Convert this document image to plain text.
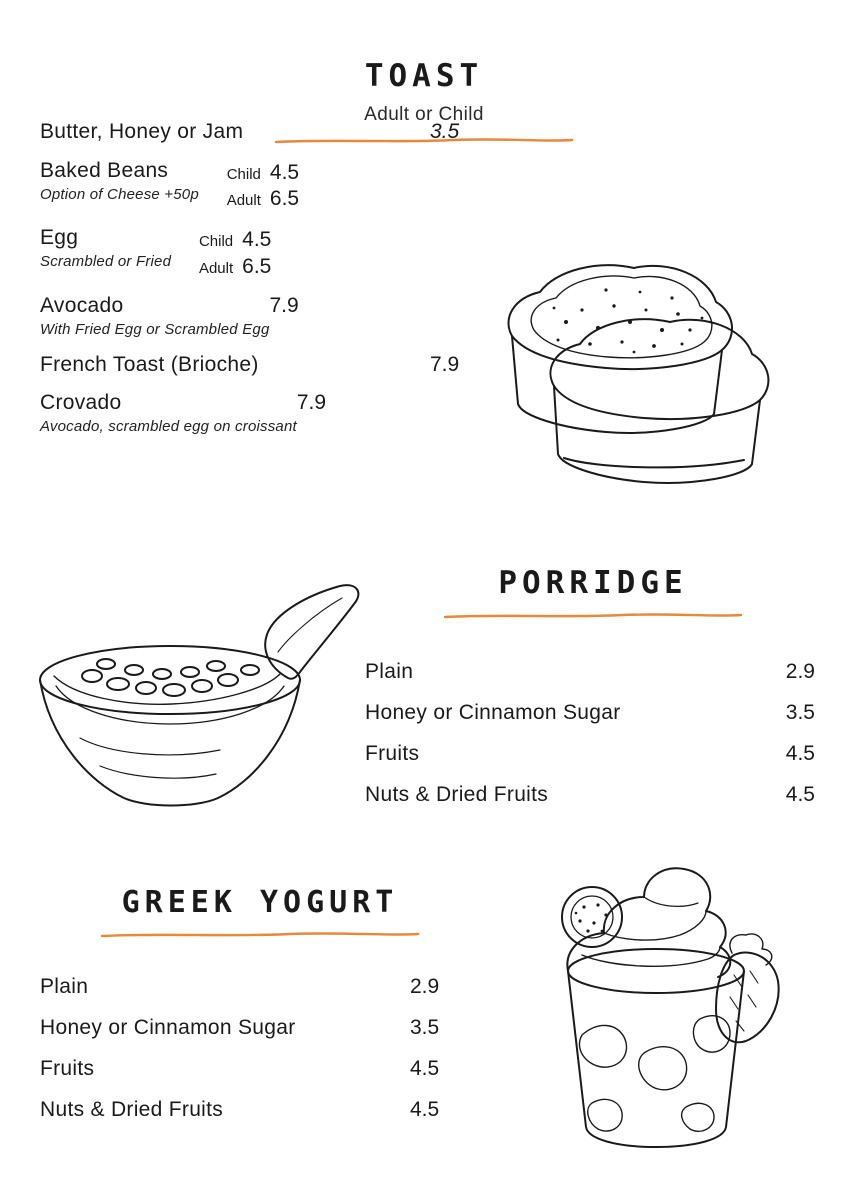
TOAST
Adult or Child
Butter, Honey or Jam	3.5
Baked Beans
Option of Cheese +50p
Child 4.5
Adult 6.5
Egg
Scrambled or Fried
Child 4.5
Adult 6.5
Avocado
With Fried Egg or Scrambled Egg
7.9
French Toast (Brioche)	7.9
Crovado
Avocado, scrambled egg on croissant
7.9
PORRIDGE
Plain	2.9
Honey or Cinnamon Sugar	3.5
Fruits	4.5
Nuts & Dried Fruits	4.5
GREEK YOGURT
Plain	2.9
Honey or Cinnamon Sugar	3.5
Fruits	4.5
Nuts & Dried Fruits	4.5
